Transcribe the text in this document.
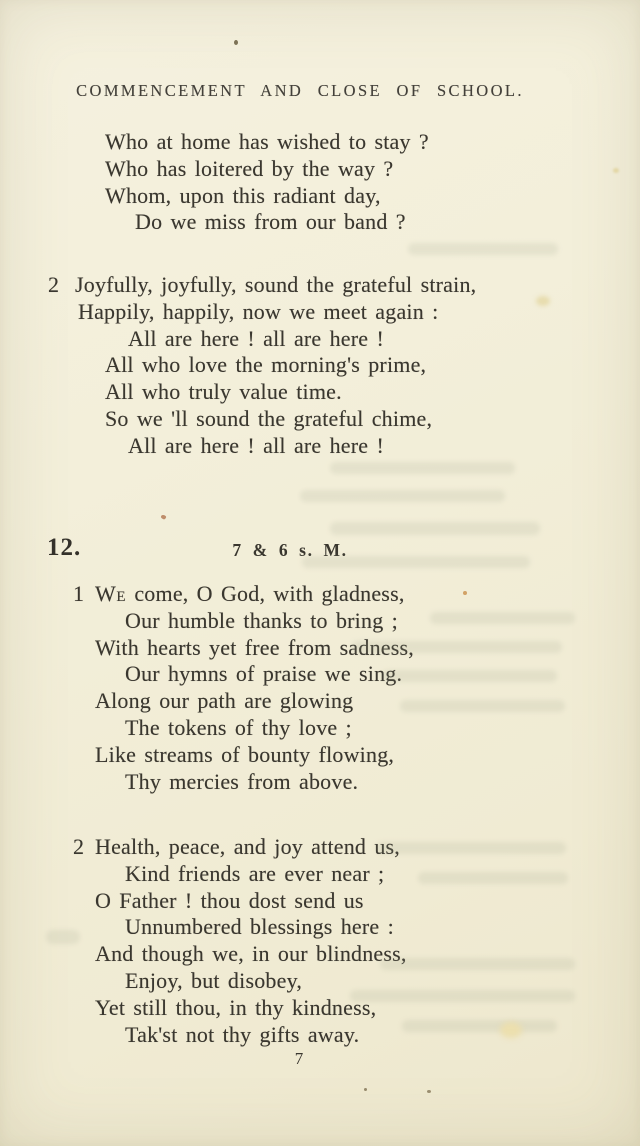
COMMENCEMENT AND CLOSE OF SCHOOL.
Who at home has wished to stay ?
Who has loitered by the way ?
Whom, upon this radiant day,
Do we miss from our band ?
2 Joyfully, joyfully, sound the grateful strain,
Happily, happily, now we meet again :
All are here ! all are here !
All who love the morning's prime,
All who truly value time.
So we 'll sound the grateful chime,
All are here ! all are here !
12.	7 & 6 s. M.
1 We come, O God, with gladness,
Our humble thanks to bring ;
With hearts yet free from sadness,
Our hymns of praise we sing.
Along our path are glowing
The tokens of thy love ;
Like streams of bounty flowing,
Thy mercies from above.
2 Health, peace, and joy attend us,
Kind friends are ever near ;
O Father ! thou dost send us
Unnumbered blessings here :
And though we, in our blindness,
Enjoy, but disobey,
Yet still thou, in thy kindness,
Tak'st not thy gifts away.
7
